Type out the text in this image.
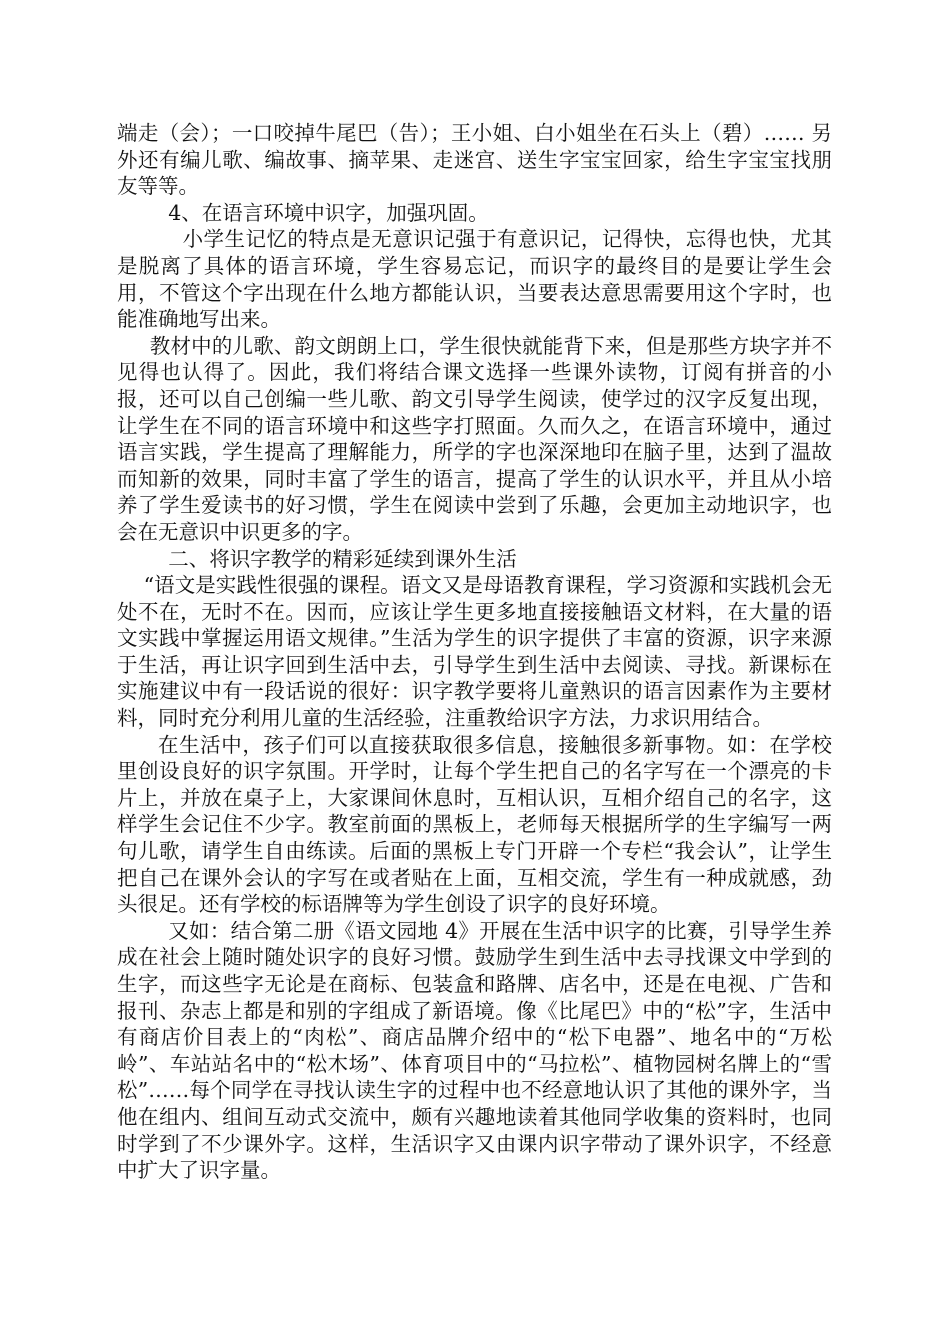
端走（会）；一口咬掉牛尾巴（告）；王小姐、白小姐坐在石头上（碧）…… 另外还有编儿歌、编故事、摘苹果、走迷宫、送生字宝宝回家，给生字宝宝找朋友等等。

4、在语言环境中识字，加强巩固。

小学生记忆的特点是无意识记强于有意识记，记得快，忘得也快，尤其是脱离了具体的语言环境，学生容易忘记，而识字的最终目的是要让学生会用，不管这个字出现在什么地方都能认识，当要表达意思需要用这个字时，也能准确地写出来。

教材中的儿歌、韵文朗朗上口，学生很快就能背下来，但是那些方块字并不见得也认得了。因此，我们将结合课文选择一些课外读物，订阅有拼音的小报，还可以自己创编一些儿歌、韵文引导学生阅读，使学过的汉字反复出现，让学生在不同的语言环境中和这些字打照面。久而久之，在语言环境中，通过语言实践，学生提高了理解能力，所学的字也深深地印在脑子里，达到了温故而知新的效果，同时丰富了学生的语言，提高了学生的认识水平，并且从小培养了学生爱读书的好习惯，学生在阅读中尝到了乐趣，会更加主动地识字，也会在无意识中识更多的字。

二、将识字教学的精彩延续到课外生活

“语文是实践性很强的课程。语文又是母语教育课程，学习资源和实践机会无处不在，无时不在。因而，应该让学生更多地直接接触语文材料，在大量的语文实践中掌握运用语文规律。”生活为学生的识字提供了丰富的资源，识字来源于生活，再让识字回到生活中去，引导学生到生活中去阅读、寻找。新课标在实施建议中有一段话说的很好：识字教学要将儿童熟识的语言因素作为主要材料，同时充分利用儿童的生活经验，注重教给识字方法，力求识用结合。

在生活中，孩子们可以直接获取很多信息，接触很多新事物。如：在学校里创设良好的识字氛围。开学时，让每个学生把自己的名字写在一个漂亮的卡片上，并放在桌子上，大家课间休息时，互相认识，互相介绍自己的名字，这样学生会记住不少字。教室前面的黑板上，老师每天根据所学的生字编写一两句儿歌，请学生自由练读。后面的黑板上专门开辟一个专栏“我会认”，让学生把自己在课外会认的字写在或者贴在上面，互相交流，学生有一种成就感，劲头很足。还有学校的标语牌等为学生创设了识字的良好环境。

又如：结合第二册《语文园地 4》开展在生活中识字的比赛，引导学生养成在社会上随时随处识字的良好习惯。鼓励学生到生活中去寻找课文中学到的生字，而这些字无论是在商标、包装盒和路牌、店名中，还是在电视、广告和报刊、杂志上都是和别的字组成了新语境。像《比尾巴》中的“松”字，生活中有商店价目表上的“肉松”、商店品牌介绍中的“松下电器”、地名中的“万松岭”、车站站名中的“松木场”、体育项目中的“马拉松”、植物园树名牌上的“雪松”……每个同学在寻找认读生字的过程中也不经意地认识了其他的课外字，当他在组内、组间互动式交流中，颇有兴趣地读着其他同学收集的资料时，也同时学到了不少课外字。这样，生活识字又由课内识字带动了课外识字，不经意中扩大了识字量。
